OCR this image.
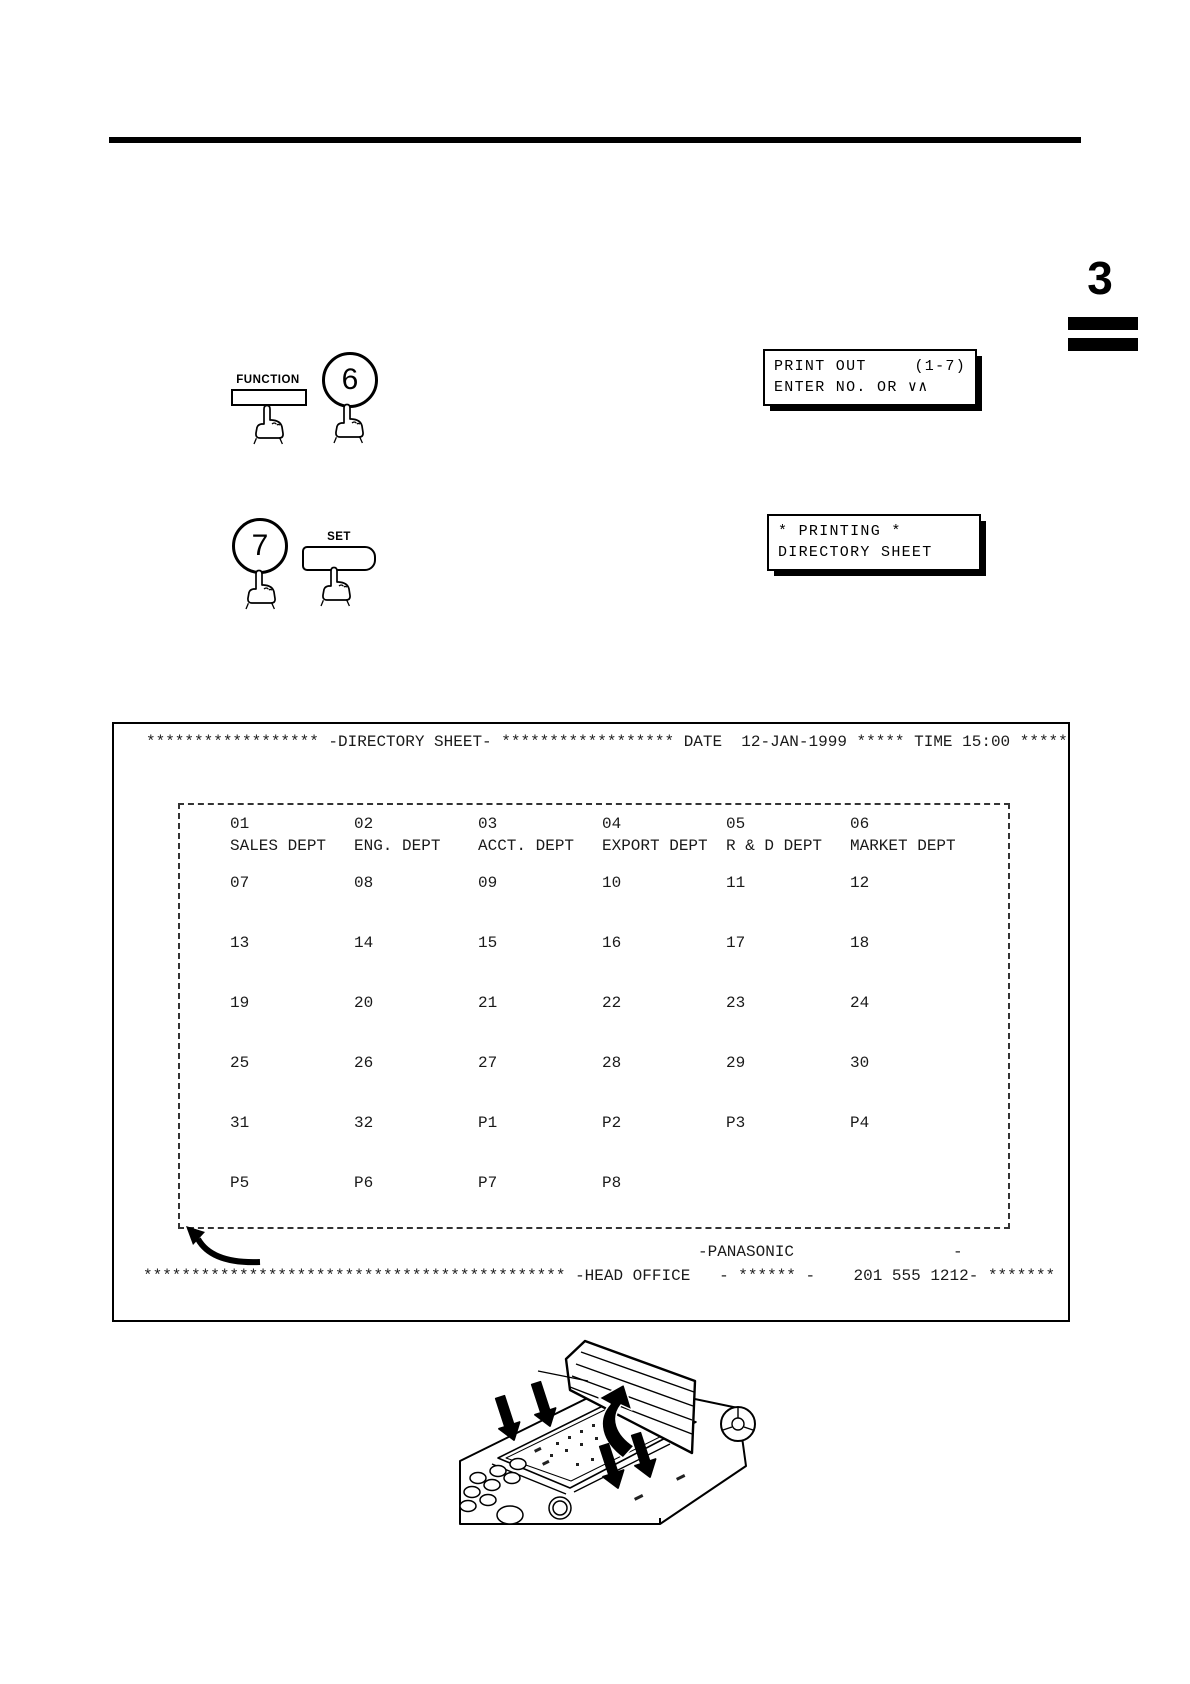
3
FUNCTION 6	PRINT OUT	(1-7)
ENTER NO. OR ∨∧
7	SET	* PRINTING *
DIRECTORY SHEET
****************** -DIRECTORY SHEET- ****************** DATE  12-JAN-1999 ***** TIME 15:00 *****
01	02	03	04	05	06
SALES DEPT	ENG. DEPT	ACCT. DEPT	EXPORT DEPT	R & D DEPT	MARKET DEPT
07	08	09	10	11	12
13	14	15	16	17	18
19	20	21	22	23	24
25	26	27	28	29	30
31	32	P1	P2	P3	P4
P5	P6	P7	P8
-PANASONIC	-
******************************************** -HEAD OFFICE   - ****** -    201 555 1212- *******
